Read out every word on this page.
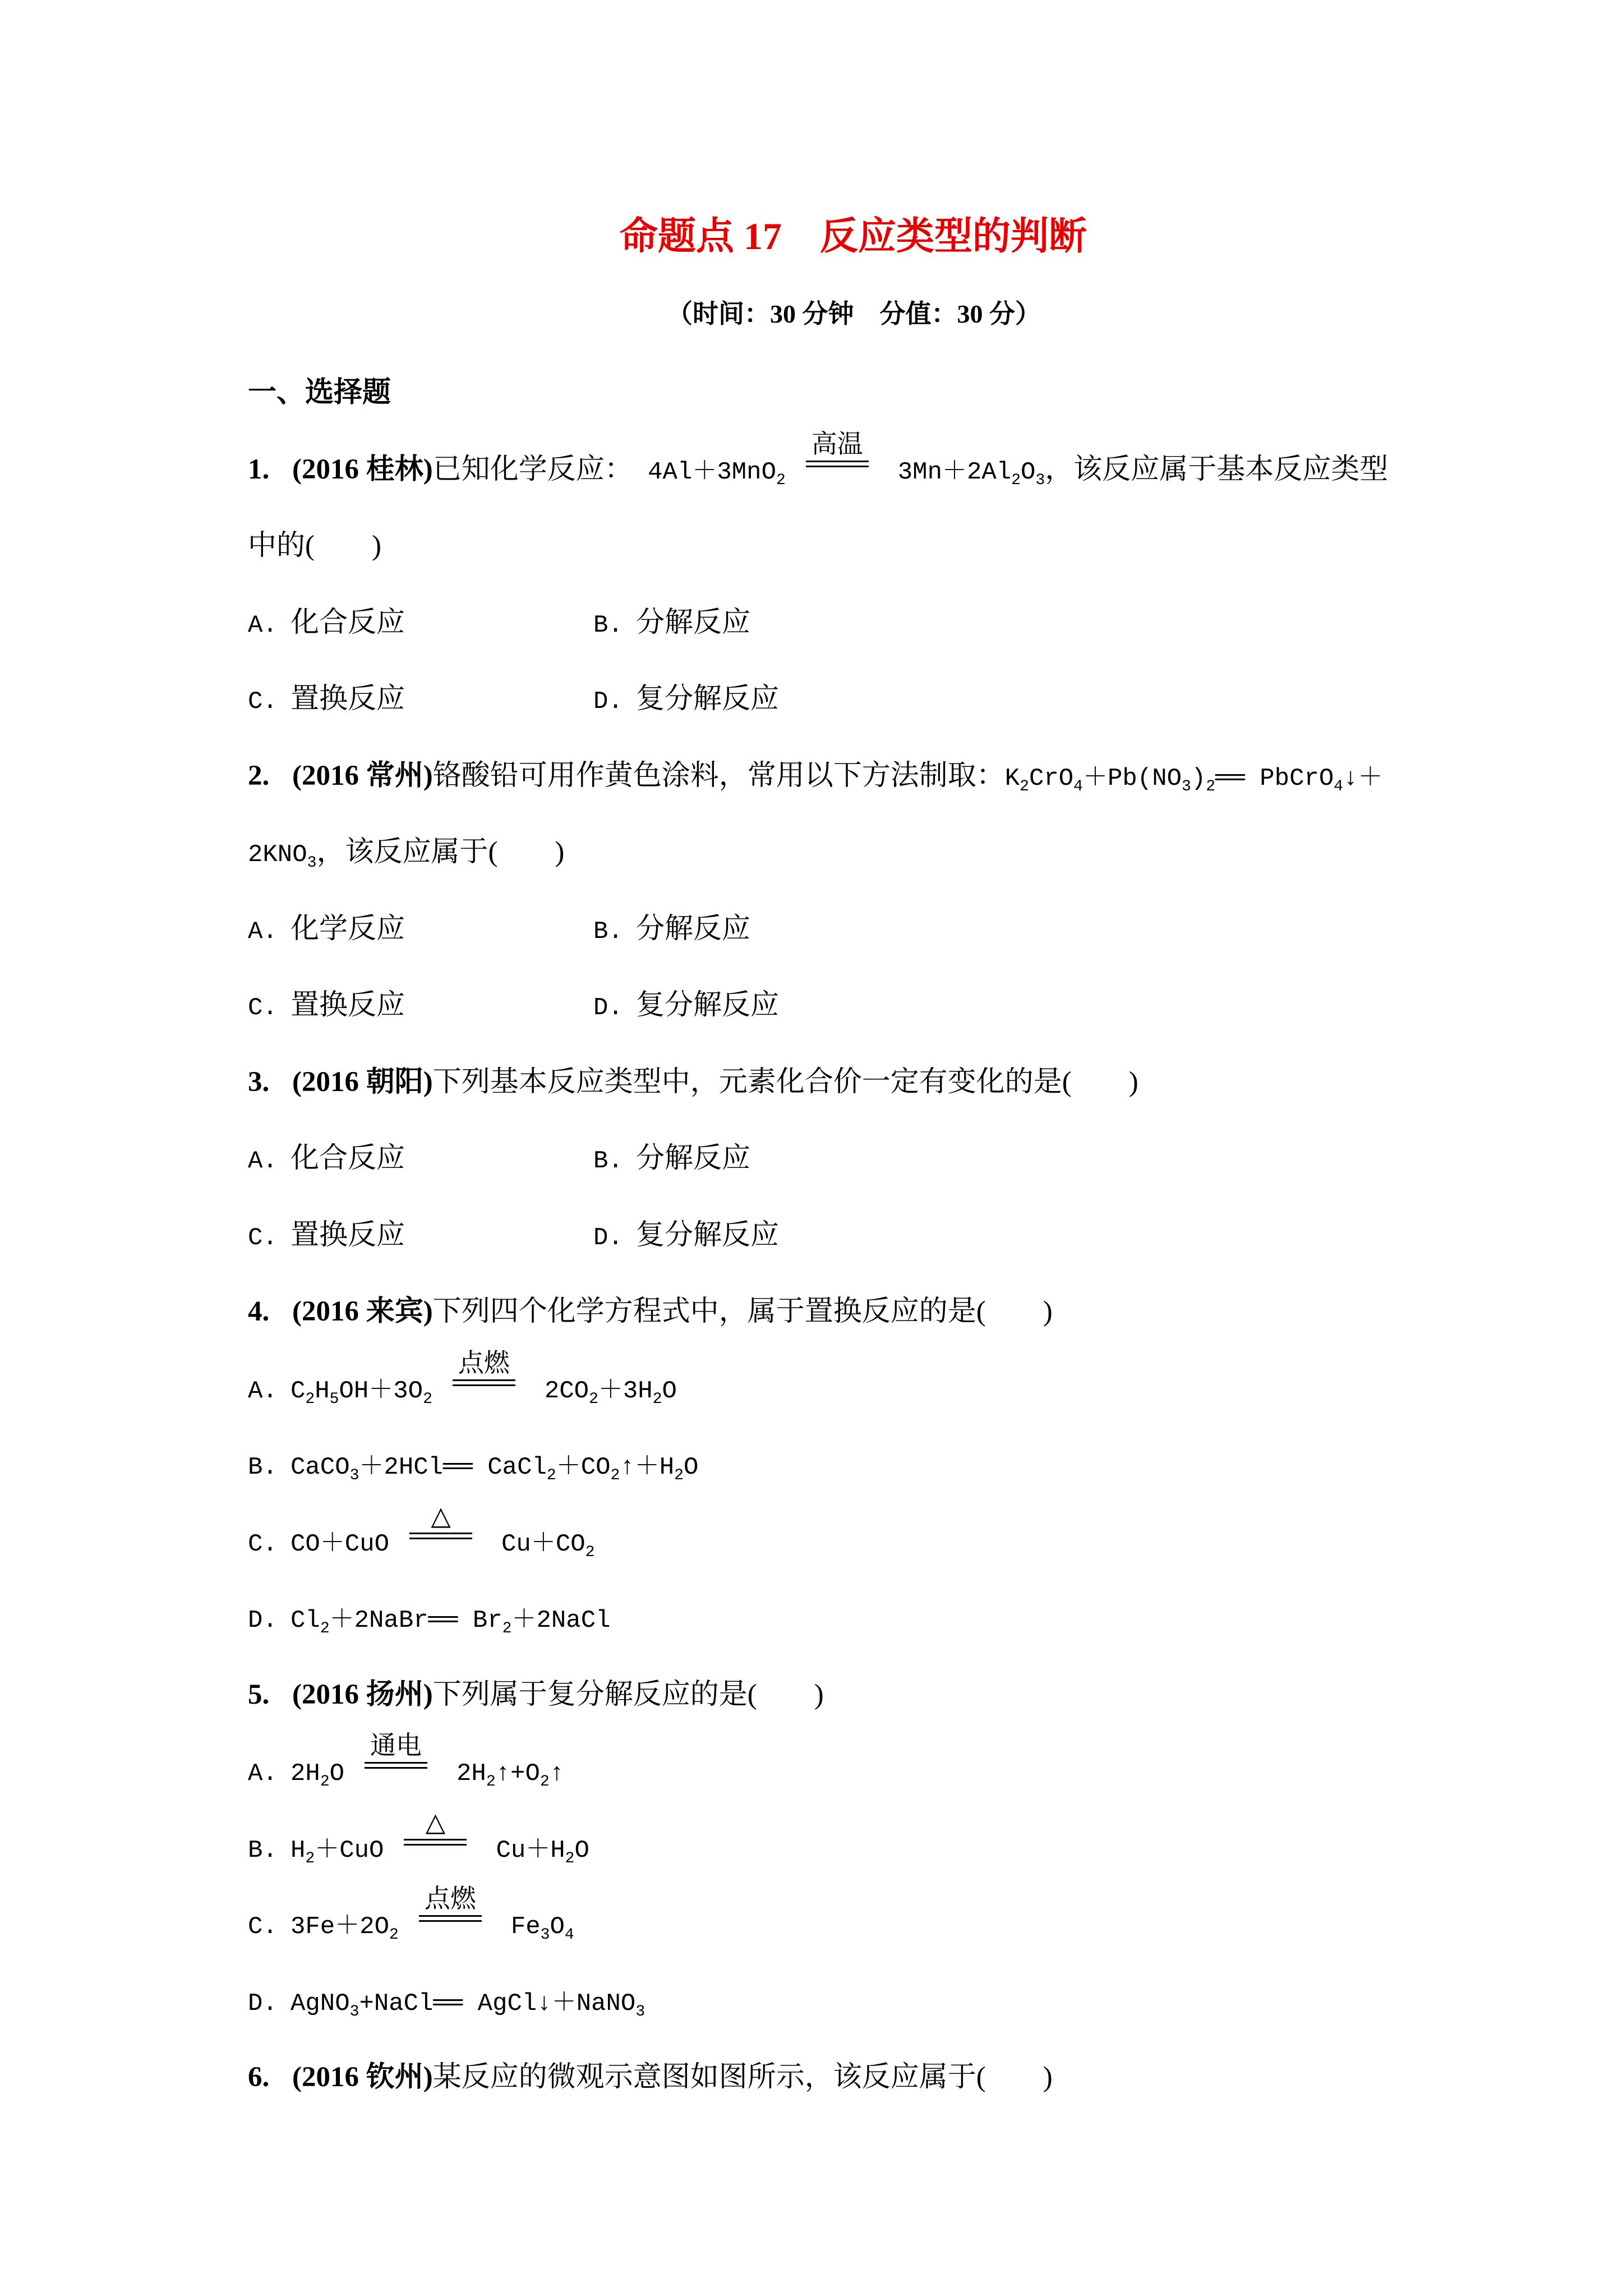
命题点 17　反应类型的判断
（时间：30 分钟　分值：30 分）
一、选择题
1. (2016 桂林)已知化学反应： 4Al＋3MnO2
高温
3Mn＋2Al2O3，该反应属于基本反应类型
中的(　　)
A. 化合反应	B. 分解反应
C. 置换反应	D. 复分解反应
2. (2016 常州)铬酸铅可用作黄色涂料，常用以下方法制取：K2CrO4＋Pb(NO3)2══ PbCrO4↓＋
2KNO3，该反应属于(　　)
A. 化学反应	B. 分解反应
C. 置换反应	D. 复分解反应
3. (2016 朝阳)下列基本反应类型中，元素化合价一定有变化的是(　　)
A. 化合反应	B. 分解反应
C. 置换反应	D. 复分解反应
4. (2016 来宾)下列四个化学方程式中，属于置换反应的是(　　)
A. C2H5OH＋3O2
点燃
2CO2＋3H2O
B. CaCO3＋2HCl══ CaCl2＋CO2↑＋H2O
C. CO＋CuO
△
Cu＋CO2
D. Cl2＋2NaBr══ Br2＋2NaCl
5. (2016 扬州)下列属于复分解反应的是(　　)
A. 2H2O
通电
2H2↑+O2↑
B. H2＋CuO
△
Cu＋H2O
C. 3Fe＋2O2
点燃
Fe3O4
D. AgNO3+NaCl══ AgCl↓＋NaNO3
6. (2016 钦州)某反应的微观示意图如图所示，该反应属于(　　)
